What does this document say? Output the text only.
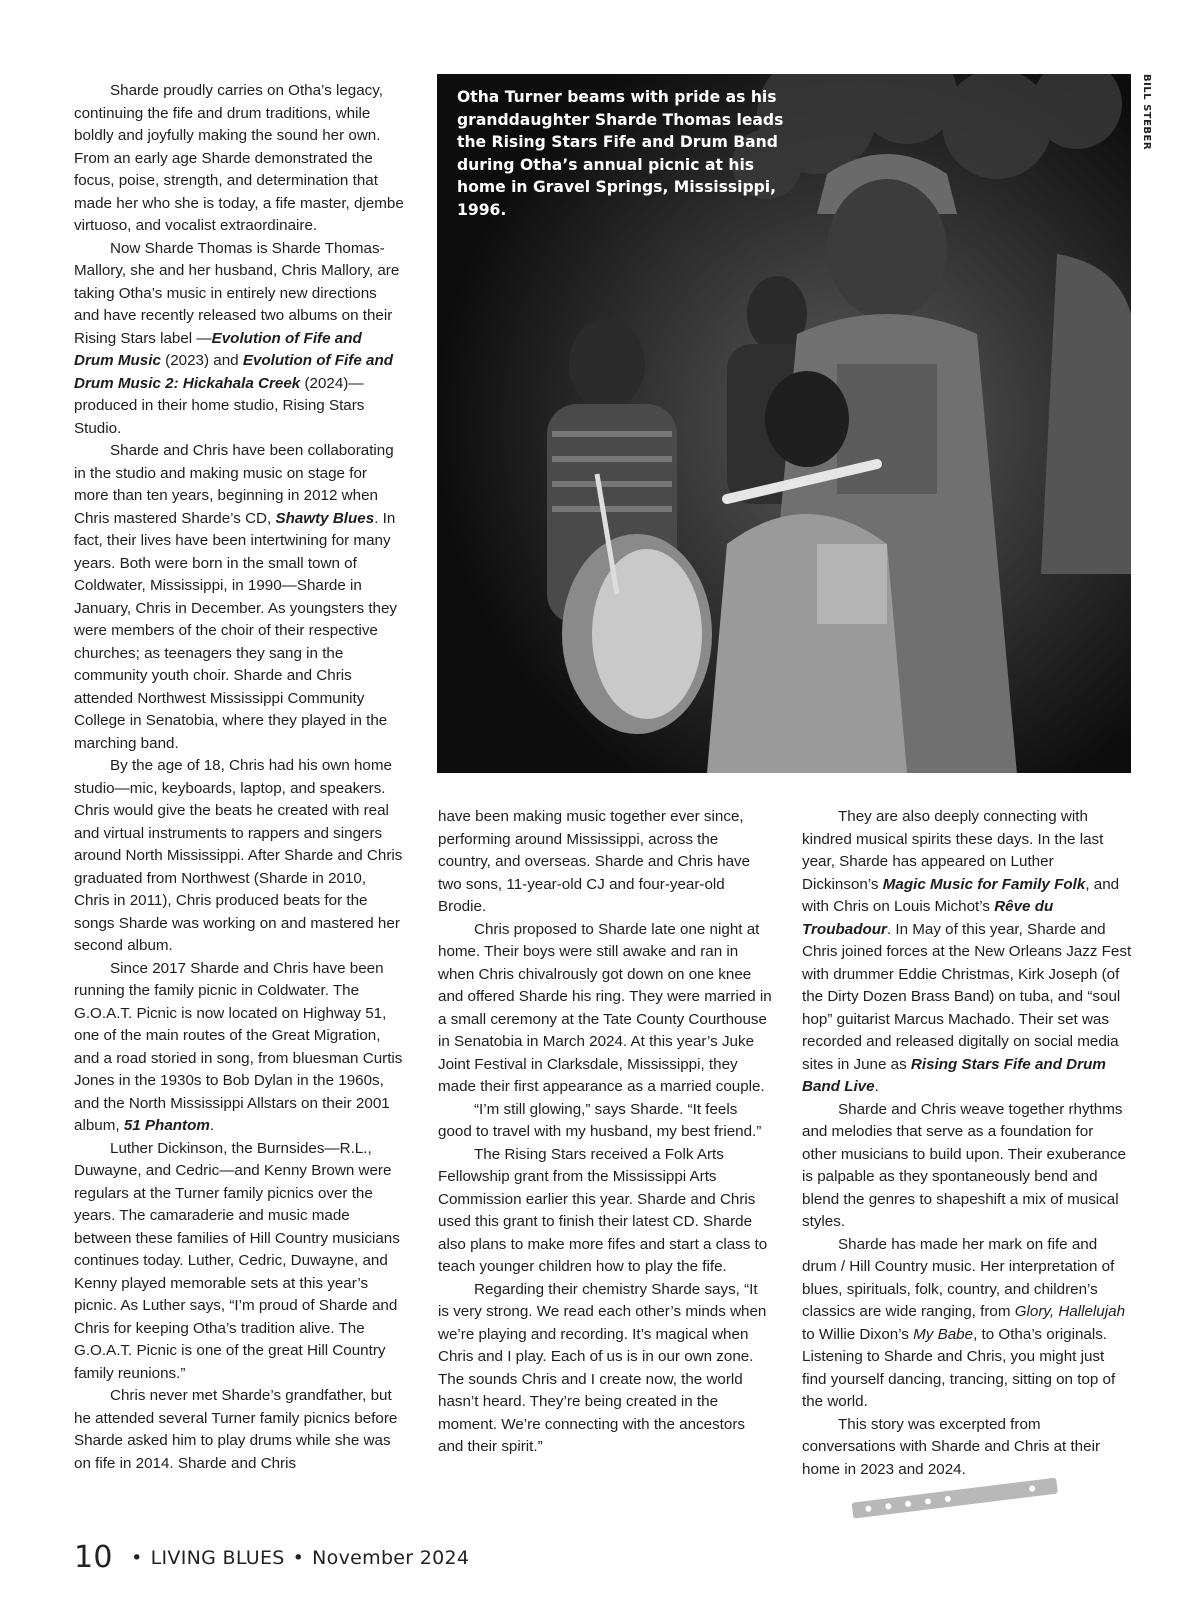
Sharde proudly carries on Otha’s legacy, continuing the fife and drum traditions, while boldly and joyfully making the sound her own. From an early age Sharde demonstrated the focus, poise, strength, and determination that made her who she is today, a fife master, djembe virtuoso, and vocalist extraordinaire.

Now Sharde Thomas is Sharde Thomas-Mallory, she and her husband, Chris Mallory, are taking Otha’s music in entirely new directions and have recently released two albums on their Rising Stars label —Evolution of Fife and Drum Music (2023) and Evolution of Fife and Drum Music 2: Hickahala Creek (2024)—produced in their home studio, Rising Stars Studio.

Sharde and Chris have been collaborating in the studio and making music on stage for more than ten years, beginning in 2012 when Chris mastered Sharde’s CD, Shawty Blues. In fact, their lives have been intertwining for many years. Both were born in the small town of Coldwater, Mississippi, in 1990—Sharde in January, Chris in December. As youngsters they were members of the choir of their respective churches; as teenagers they sang in the community youth choir. Sharde and Chris attended Northwest Mississippi Community College in Senatobia, where they played in the marching band.

By the age of 18, Chris had his own home studio—mic, keyboards, laptop, and speakers. Chris would give the beats he created with real and virtual instruments to rappers and singers around North Mississippi. After Sharde and Chris graduated from Northwest (Sharde in 2010, Chris in 2011), Chris produced beats for the songs Sharde was working on and mastered her second album.

Since 2017 Sharde and Chris have been running the family picnic in Coldwater. The G.O.A.T. Picnic is now located on Highway 51, one of the main routes of the Great Migration, and a road storied in song, from bluesman Curtis Jones in the 1930s to Bob Dylan in the 1960s, and the North Mississippi Allstars on their 2001 album, 51 Phantom.

Luther Dickinson, the Burnsides—R.L., Duwayne, and Cedric—and Kenny Brown were regulars at the Turner family picnics over the years. The camaraderie and music made between these families of Hill Country musicians continues today. Luther, Cedric, Duwayne, and Kenny played memorable sets at this year’s picnic. As Luther says, “I’m proud of Sharde and Chris for keeping Otha’s tradition alive. The G.O.A.T. Picnic is one of the great Hill Country family reunions.”

Chris never met Sharde’s grandfather, but he attended several Turner family picnics before Sharde asked him to play drums while she was on fife in 2014. Sharde and Chris

Otha Turner beams with pride as his granddaughter Sharde Thomas leads the Rising Stars Fife and Drum Band during Otha’s annual picnic at his home in Gravel Springs, Mississippi, 1996.
BILL STEBER

have been making music together ever since, performing around Mississippi, across the country, and overseas. Sharde and Chris have two sons, 11-year-old CJ and four-year-old Brodie.

Chris proposed to Sharde late one night at home. Their boys were still awake and ran in when Chris chivalrously got down on one knee and offered Sharde his ring. They were married in a small ceremony at the Tate County Courthouse in Senatobia in March 2024. At this year’s Juke Joint Festival in Clarksdale, Mississippi, they made their first appearance as a married couple.

“I’m still glowing,” says Sharde. “It feels good to travel with my husband, my best friend.”

The Rising Stars received a Folk Arts Fellowship grant from the Mississippi Arts Commission earlier this year. Sharde and Chris used this grant to finish their latest CD. Sharde also plans to make more fifes and start a class to teach younger children how to play the fife.

Regarding their chemistry Sharde says, “It is very strong. We read each other’s minds when we’re playing and recording. It’s magical when Chris and I play. Each of us is in our own zone. The sounds Chris and I create now, the world hasn’t heard. They’re being created in the moment. We’re connecting with the ancestors and their spirit.”

They are also deeply connecting with kindred musical spirits these days. In the last year, Sharde has appeared on Luther Dickinson’s Magic Music for Family Folk, and with Chris on Louis Michot’s Rêve du Troubadour. In May of this year, Sharde and Chris joined forces at the New Orleans Jazz Fest with drummer Eddie Christmas, Kirk Joseph (of the Dirty Dozen Brass Band) on tuba, and “soul hop” guitarist Marcus Machado. Their set was recorded and released digitally on social media sites in June as Rising Stars Fife and Drum Band Live.

Sharde and Chris weave together rhythms and melodies that serve as a foundation for other musicians to build upon. Their exuberance is palpable as they spontaneously bend and blend the genres to shapeshift a mix of musical styles.

Sharde has made her mark on fife and drum / Hill Country music. Her interpretation of blues, spirituals, folk, country, and children’s classics are wide ranging, from Glory, Hallelujah to Willie Dixon’s My Babe, to Otha’s originals. Listening to Sharde and Chris, you might just find yourself dancing, trancing, sitting on top of the world.

This story was excerpted from conversations with Sharde and Chris at their home in 2023 and 2024.

10 • LIVING BLUES • November 2024
